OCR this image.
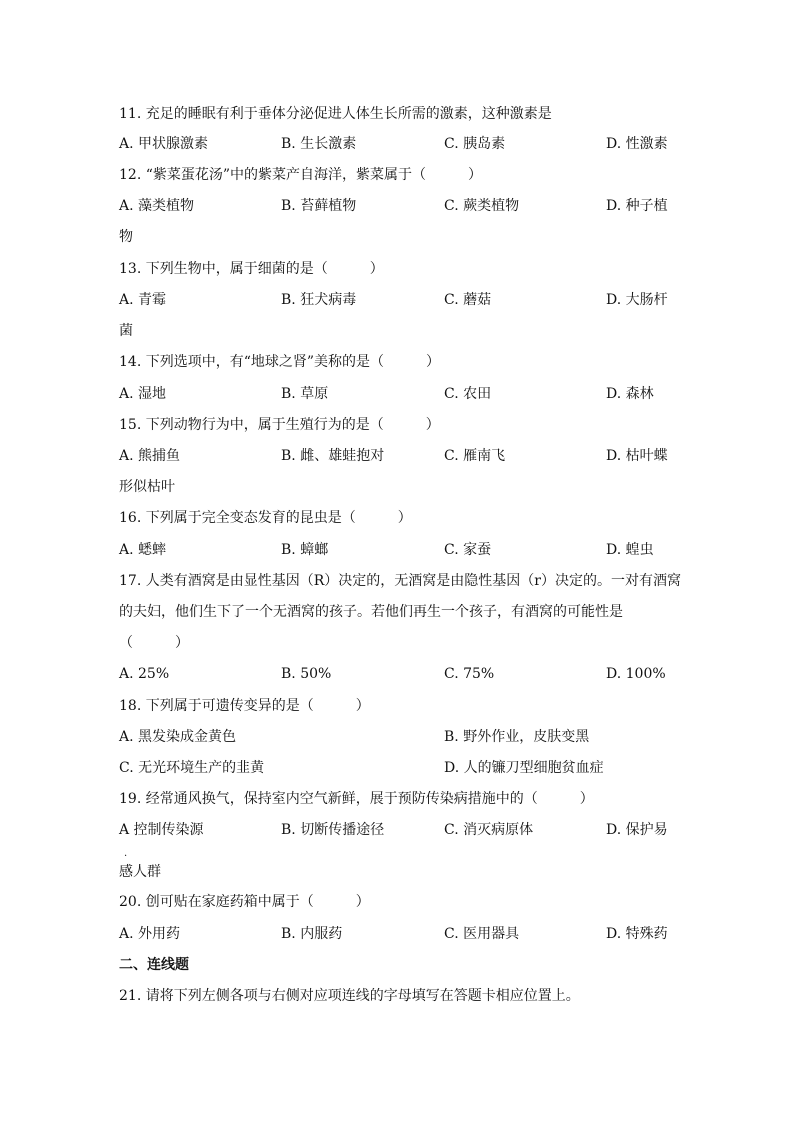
11. 充足的睡眠有利于垂体分泌促进人体生长所需的激素，这种激素是
A. 甲状腺激素	B. 生长激素	C. 胰岛素	D. 性激素
12. “紫菜蛋花汤”中的紫菜产自海洋，紫菜属于（　　　）
A. 藻类植物	B. 苔藓植物	C. 蕨类植物	D. 种子植
物
13. 下列生物中，属于细菌的是（　　　）
A. 青霉	B. 狂犬病毒	C. 蘑菇	D. 大肠杆
菌
14. 下列选项中，有“地球之肾”美称的是（　　　）
A. 湿地	B. 草原	C. 农田	D. 森林
15. 下列动物行为中，属于生殖行为的是（　　　）
A. 熊捕鱼	B. 雌、雄蛙抱对	C. 雁南飞	D. 枯叶蝶
形似枯叶
16. 下列属于完全变态发育的昆虫是（　　　）
A. 蟋蟀	B. 蟑螂	C. 家蚕	D. 蝗虫
17. 人类有酒窝是由显性基因（R）决定的，无酒窝是由隐性基因（r）决定的。一对有酒窝
的夫妇，他们生下了一个无酒窝的孩子。若他们再生一个孩子，有酒窝的可能性是
（　　　）
A. 25%	B. 50%	C. 75%	D. 100%
18. 下列属于可遗传变异的是（　　　）
A. 黑发染成金黄色	B. 野外作业，皮肤变黑
C. 无光环境生产的韭黄	D. 人的镰刀型细胞贫血症
19. 经常通风换气，保持室内空气新鲜，展于预防传染病措施中的（　　　）
A 控制传染源	B. 切断传播途径	C. 消灭病原体	D. 保护易
.
感人群
20. 创可贴在家庭药箱中属于（　　　）
A. 外用药	B. 内服药	C. 医用器具	D. 特殊药
二、连线题
21. 请将下列左侧各项与右侧对应项连线的字母填写在答题卡相应位置上。
